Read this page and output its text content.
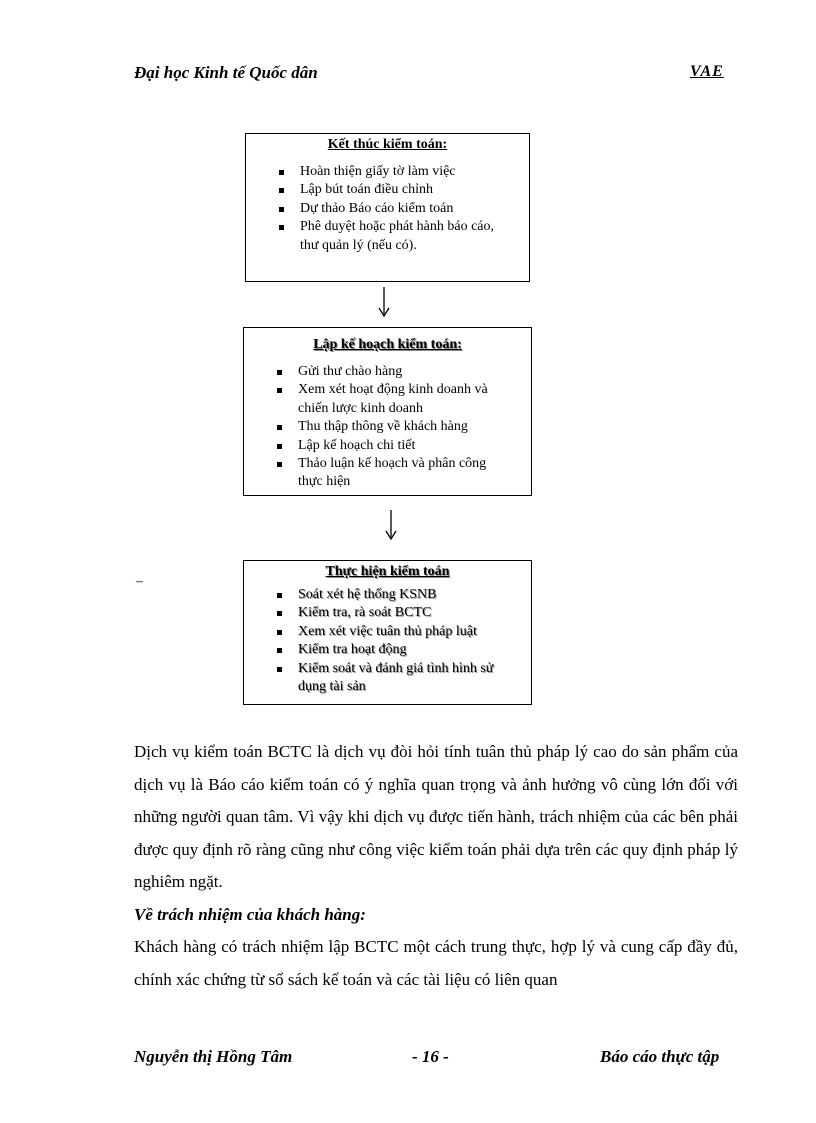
Đại học Kinh tế Quốc dân	VAE
Kết thúc kiểm toán:
Hoàn thiện giấy tờ làm việc
Lập bút toán điều chỉnh
Dự thảo Báo cáo kiểm toán
Phê duyệt hoặc phát hành báo cáo, thư quản lý (nếu có).
Lập kế hoạch kiểm toán:
Gửi thư chào hàng
Xem xét hoạt động kinh doanh và chiến lược kinh doanh
Thu thập thông về khách hàng
Lập kế hoạch chi tiết
Thảo luận kế hoạch và phân công thực hiện
–
Thực hiện kiểm toán
Soát xét hệ thống KSNB
Kiểm tra, rà soát BCTC
Xem xét việc tuân thủ pháp luật
Kiểm tra hoạt động
Kiểm soát và đánh giá tình hình sử dụng tài sản

Dịch vụ kiểm toán BCTC là dịch vụ đòi hỏi tính tuân thủ pháp lý cao do sản phẩm của dịch vụ là Báo cáo kiểm toán có ý nghĩa quan trọng và ảnh hưởng vô cùng lớn đối với những người quan tâm. Vì vậy khi dịch vụ được tiến hành, trách nhiệm của các bên phải được quy định rõ ràng cũng như công việc kiểm toán phải dựa trên các quy định pháp lý nghiêm ngặt.

Về trách nhiệm của khách hàng:

Khách hàng có trách nhiệm lập BCTC một cách trung thực, hợp lý và cung cấp đầy đủ, chính xác chứng từ sổ sách kế toán và các tài liệu có liên quan

Nguyễn thị Hồng Tâm	- 16 -	Báo cáo thực tập
